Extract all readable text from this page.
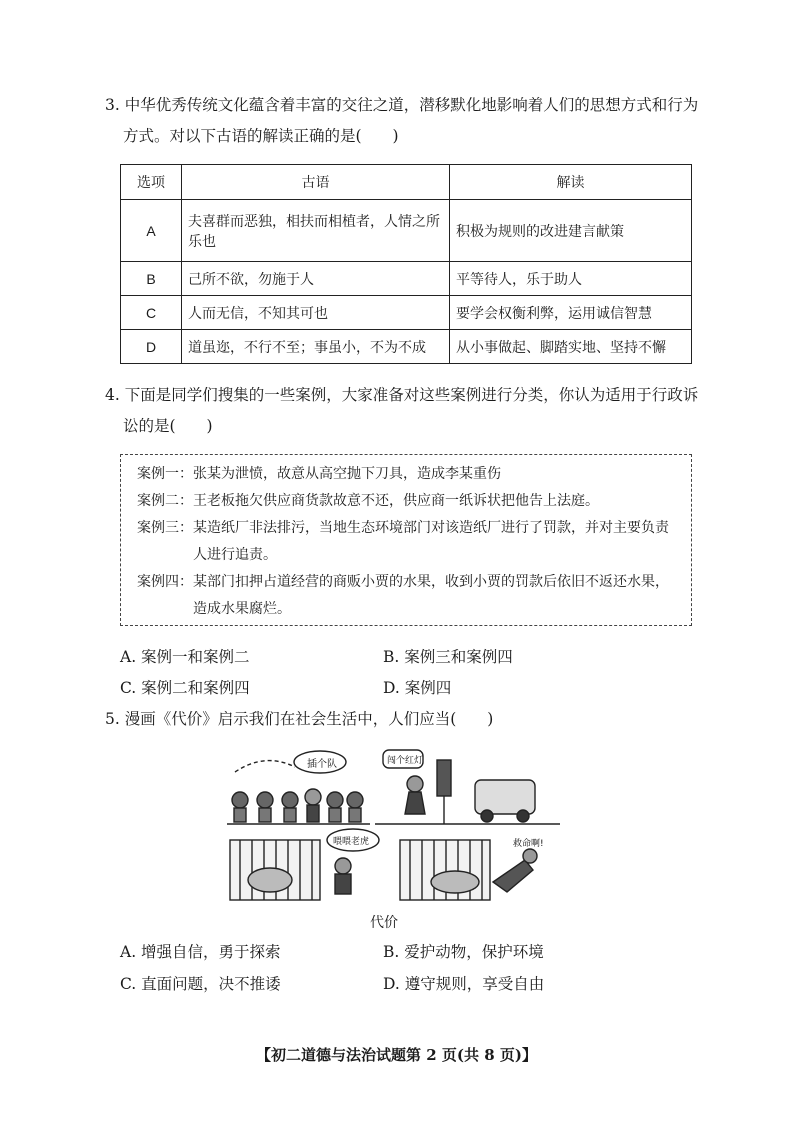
3. 中华优秀传统文化蕴含着丰富的交往之道，潜移默化地影响着人们的思想方式和行为

方式。对以下古语的解读正确的是(　　)

选项	古语	解读
A	夫喜群而恶独，相扶而相植者，人情之所乐也	积极为规则的改进建言献策
B	己所不欲，勿施于人	平等待人，乐于助人
C	人而无信，不知其可也	要学会权衡利弊，运用诚信智慧
D	道虽迩，不行不至；事虽小，不为不成	从小事做起、脚踏实地、坚持不懈

4. 下面是同学们搜集的一些案例，大家准备对这些案例进行分类，你认为适用于行政诉

讼的是(　　)

案例一： 张某为泄愤，故意从高空抛下刀具，造成李某重伤
案例二： 王老板拖欠供应商货款故意不还，供应商一纸诉状把他告上法庭。
案例三： 某造纸厂非法排污，当地生态环境部门对该造纸厂进行了罚款，并对主要负责人进行追责。
案例四： 某部门扣押占道经营的商贩小贾的水果，收到小贾的罚款后依旧不返还水果，造成水果腐烂。
A. 案例一和案例二	B. 案例三和案例四
C. 案例二和案例四	D. 案例四

5. 漫画《代价》启示我们在社会生活中，人们应当(　　)

插个队	闯个红灯
喂喂老虎	救命啊!
代价
A. 增强自信，勇于探索	B. 爱护动物，保护环境
C. 直面问题，决不推诿	D. 遵守规则，享受自由
【初二道德与法治试题第 2 页(共 8 页)】
